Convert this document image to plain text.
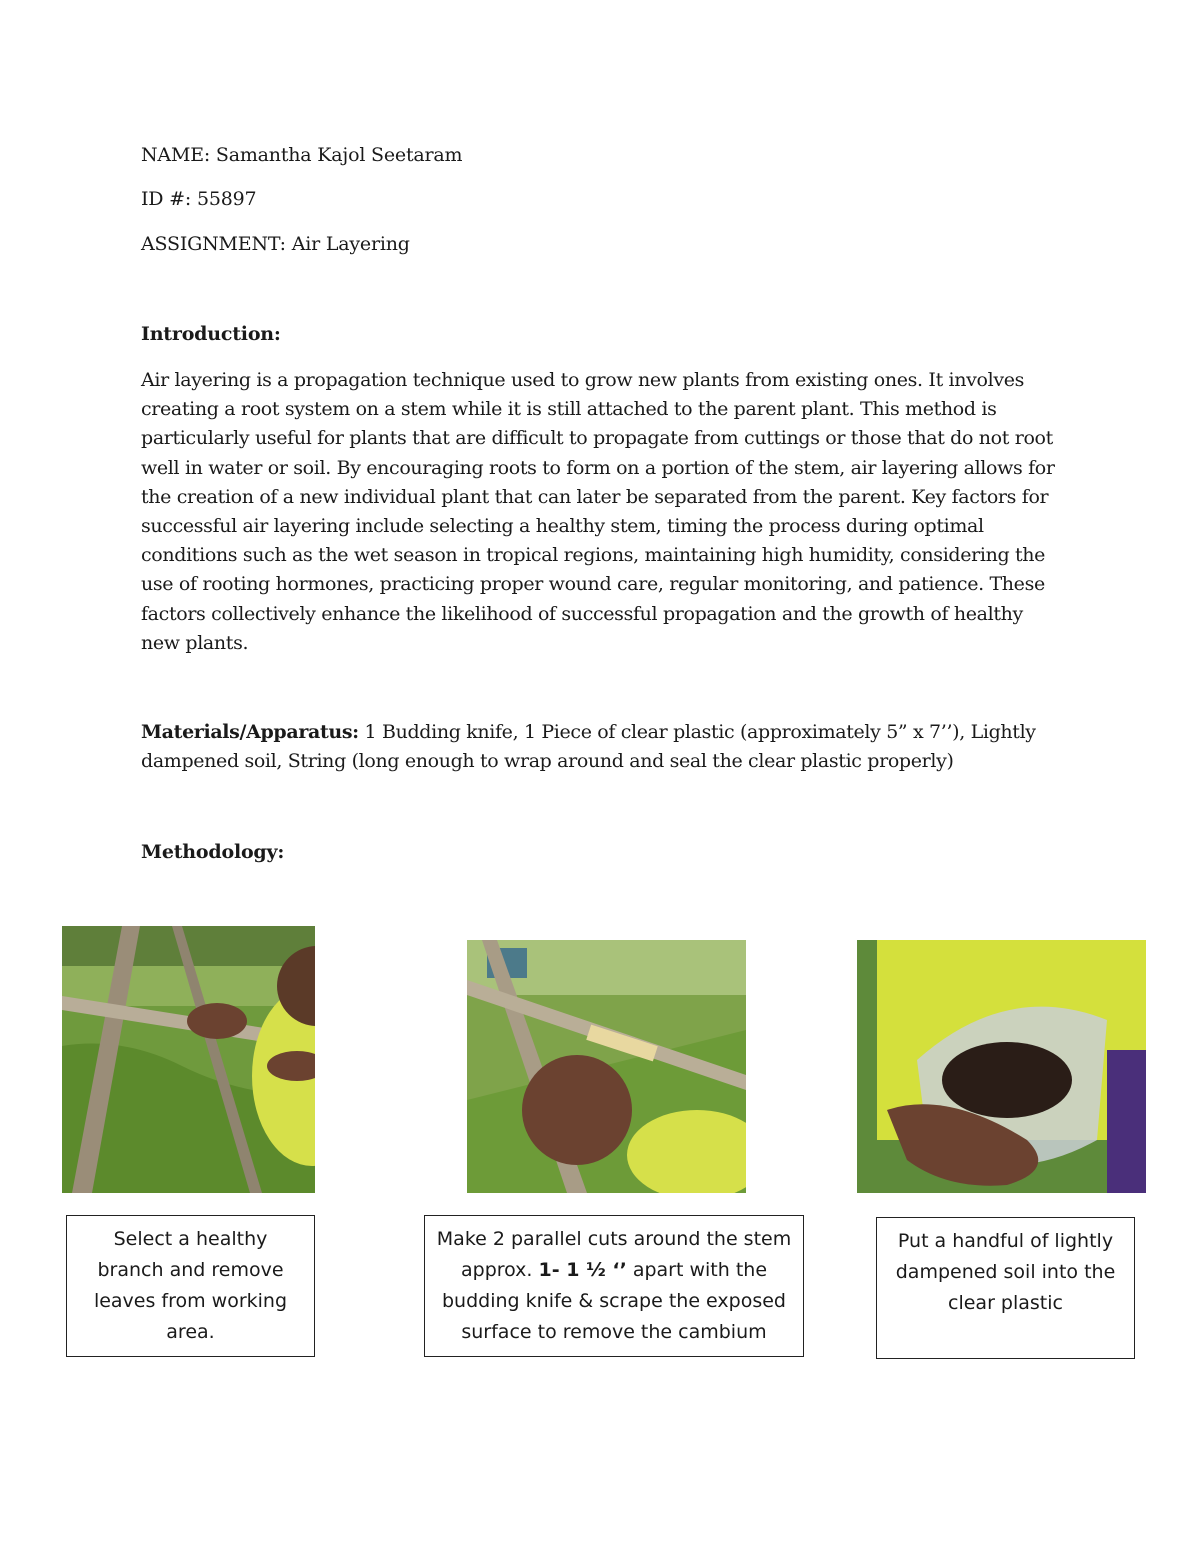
NAME: Samantha Kajol Seetaram
ID #: 55897
ASSIGNMENT: Air Layering
Introduction:
Air layering is a propagation technique used to grow new plants from existing ones. It involves creating a root system on a stem while it is still attached to the parent plant. This method is particularly useful for plants that are difficult to propagate from cuttings or those that do not root well in water or soil. By encouraging roots to form on a portion of the stem, air layering allows for the creation of a new individual plant that can later be separated from the parent. Key factors for successful air layering include selecting a healthy stem, timing the process during optimal conditions such as the wet season in tropical regions, maintaining high humidity, considering the use of rooting hormones, practicing proper wound care, regular monitoring, and patience. These factors collectively enhance the likelihood of successful propagation and the growth of healthy new plants.
Materials/Apparatus: 1 Budding knife, 1 Piece of clear plastic (approximately 5” x 7’’), Lightly dampened soil, String (long enough to wrap around and seal the clear plastic properly)
Methodology:
Select a healthy branch and remove leaves from working area.
Make 2 parallel cuts around the stem approx. 1- 1 ½ ‘’ apart with the budding knife & scrape the exposed surface to remove the cambium
Put a handful of lightly dampened soil into the clear plastic
